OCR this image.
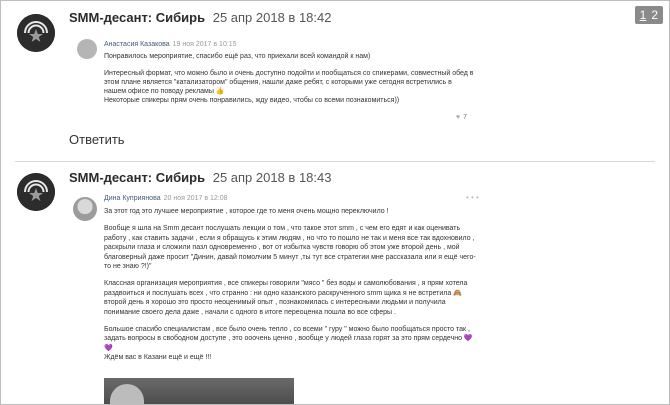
1 2
SMM-десант: Сибирь 25 апр 2018 в 18:42
Анастасия Казакова 19 ноя 2017 в 10:15

Понравилось мероприятие, спасибо ещё раз, что приехали всей командой к нам)

Интересный формат, что можно было и очень доступно подойти и пообщаться со спикерами, совместный обед в этом плане является "катализатором" общения, нашли даже ребят, с которыми уже сегодня встретились в нашем офисе по поводу рекламы 👍

Некоторые спикеры прям очень понравились, жду видео, чтобы со всеми познакомиться))

♥ 7
Ответить
SMM-десант: Сибирь 25 апр 2018 в 18:43
Дина Куприянова 20 ноя 2017 в 12:08	• • •

За этот год это лучшее мероприятие , которое где то меня очень мощно переключило !

Вообще я шла на Smm десант послушать лекции о том , что такое этот smm , с чем его едят и как оценивать работу , как ставить задачи , если я обращусь к этим людям , но что то пошло не так и меня все так вдохновило , раскрыли глаза и сложили пазл одновременно , вот от избытка чувств говорю об этом уже второй день , мой благоверный даже просит "Динин, давай помолчим 5 минут ,ты тут все стратегии мне рассказала или я ещё чего- то не знаю ?!)"

Классная организация мероприятия , все спикеры говорили "мясо " без воды и самолюбования , я прям хотела раздвоиться и послушать всех , что странно : ни одно казанского раскрученного smm щика я не встретила 🙈 второй день я хорошо это просто неоценимый опыт , познакомилась с интересными людьми и получила понимание своего дела даже , начали с одного в итоге переоценка пошла во все сферы .

Большое спасибо специалистам , все было очень тепло , со всеми " гуру " можно было пообщаться просто так , задать вопросы в свободном доступе , это ооочень ценно , вообще у людей глаза горят за это прям сердечно 💜💜
Ждём вас в Казани ещё и ещё !!!
